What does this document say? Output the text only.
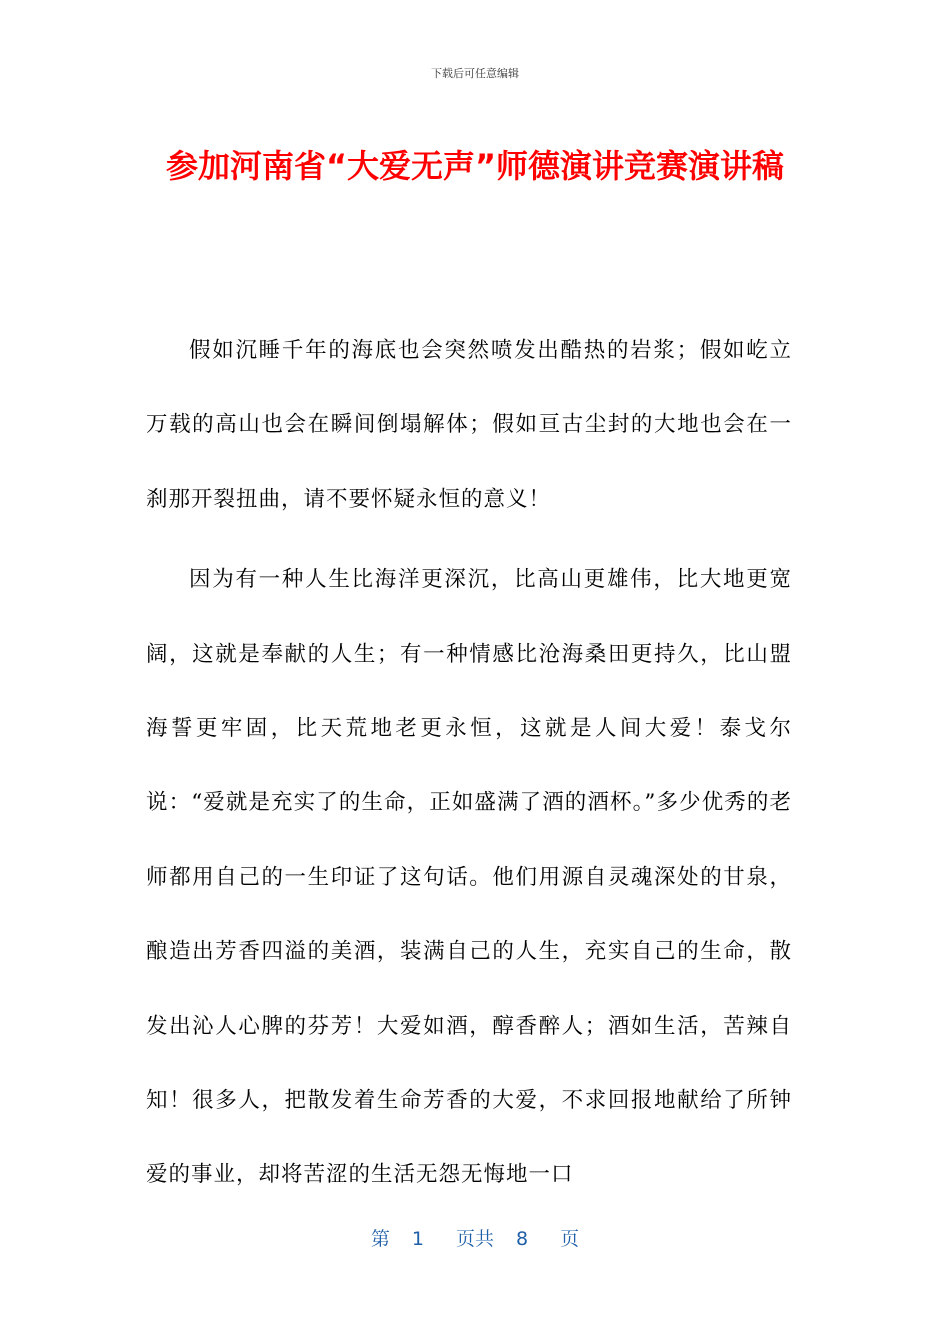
下载后可任意编辑
参加河南省“大爱无声”师德演讲竞赛演讲稿

假如沉睡千年的海底也会突然喷发出酷热的岩浆；假如屹立万载的高山也会在瞬间倒塌解体；假如亘古尘封的大地也会在一刹那开裂扭曲，请不要怀疑永恒的意义！

因为有一种人生比海洋更深沉，比高山更雄伟，比大地更宽阔，这就是奉献的人生；有一种情感比沧海桑田更持久，比山盟海誓更牢固，比天荒地老更永恒，这就是人间大爱！泰戈尔说：“爱就是充实了的生命，正如盛满了酒的酒杯。”多少优秀的老师都用自己的一生印证了这句话。他们用源自灵魂深处的甘泉，酿造出芳香四溢的美酒，装满自己的人生，充实自己的生命，散发出沁人心脾的芬芳！大爱如酒，醇香醉人；酒如生活，苦辣自知！很多人，把散发着生命芳香的大爱，不求回报地献给了所钟爱的事业，却将苦涩的生活无怨无悔地一口

第 1 页共 8 页
